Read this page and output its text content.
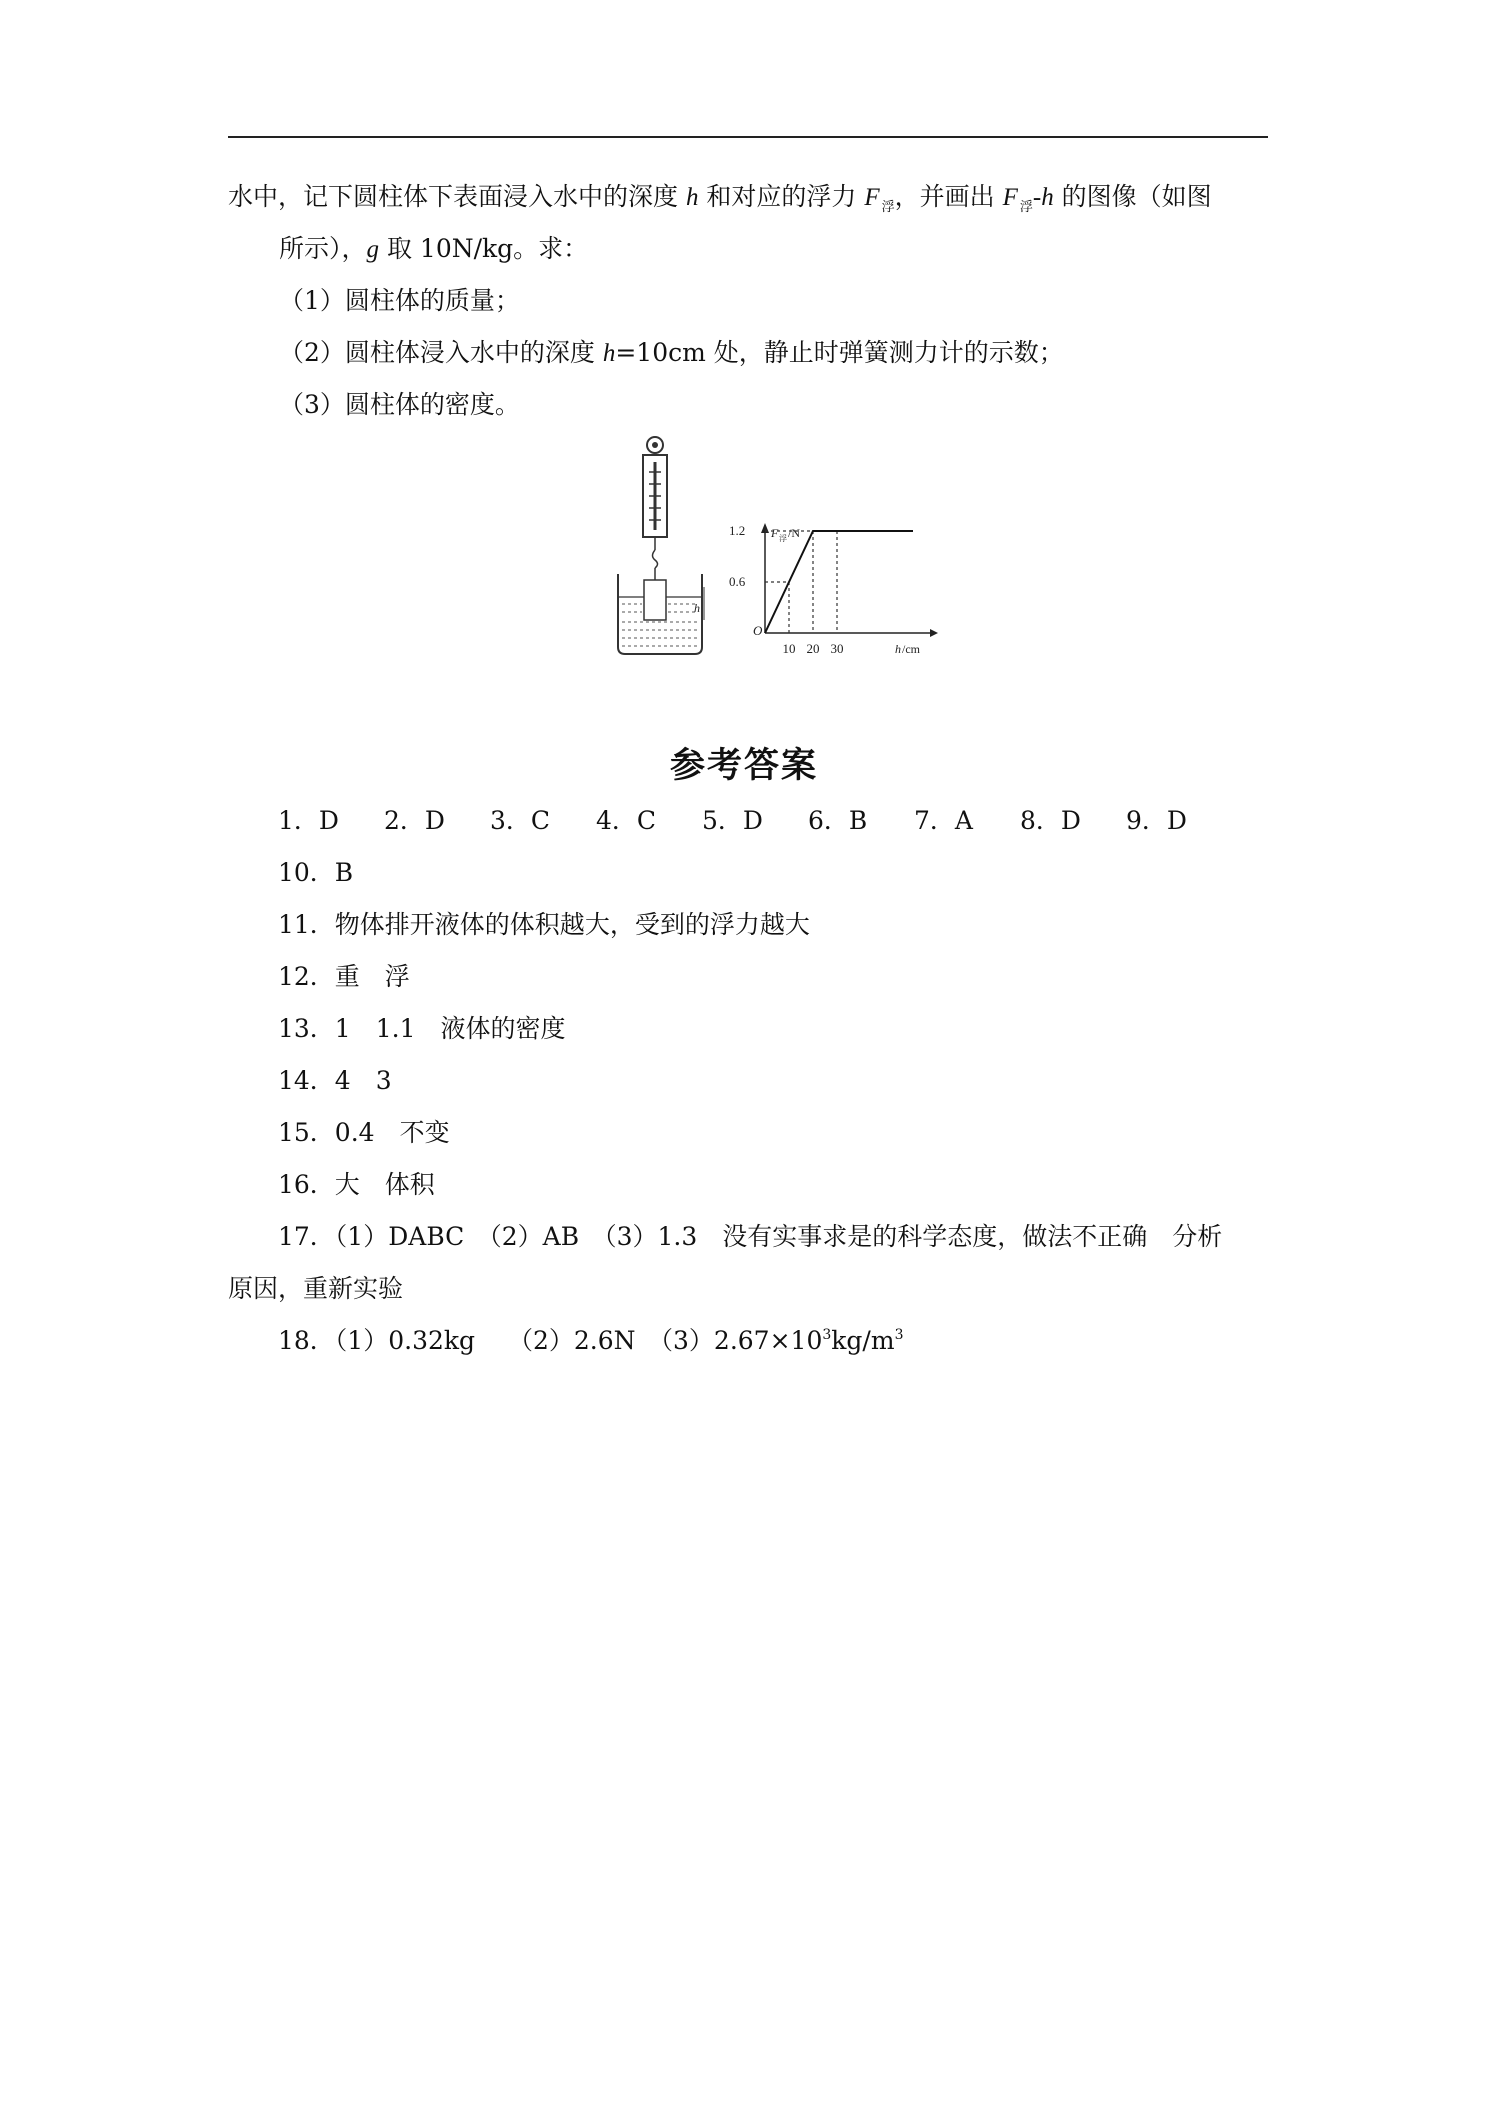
水中，记下圆柱体下表面浸入水中的深度 h 和对应的浮力 F $_浮$，并画出 F $_浮$-h 的图像（如图
所示），g 取 10N/kg。求：
（1）圆柱体的质量；
（2）圆柱体浸入水中的深度 h=10cm 处，静止时弹簧测力计的示数；
（3）圆柱体的密度。
h
F 浮 /N
1.2
0.6
O
10 20 30	h /cm
参考答案
1．D 2．D 3．C 4．C 5．D 6．B 7．A 8．D 9．D
10．B
11．物体排开液体的体积越大，受到的浮力越大
12．重　浮
13．1　1.1　液体的密度
14．4　3
15．0.4　不变
16．大　体积
17．（1）DABC　（2）AB　（3）1.3　没有实事求是的科学态度，做法不正确　分析
原因，重新实验
18．（1）0.32kg　 （2）2.6N　$(3)2.67\times 10^3kg/m^3$
